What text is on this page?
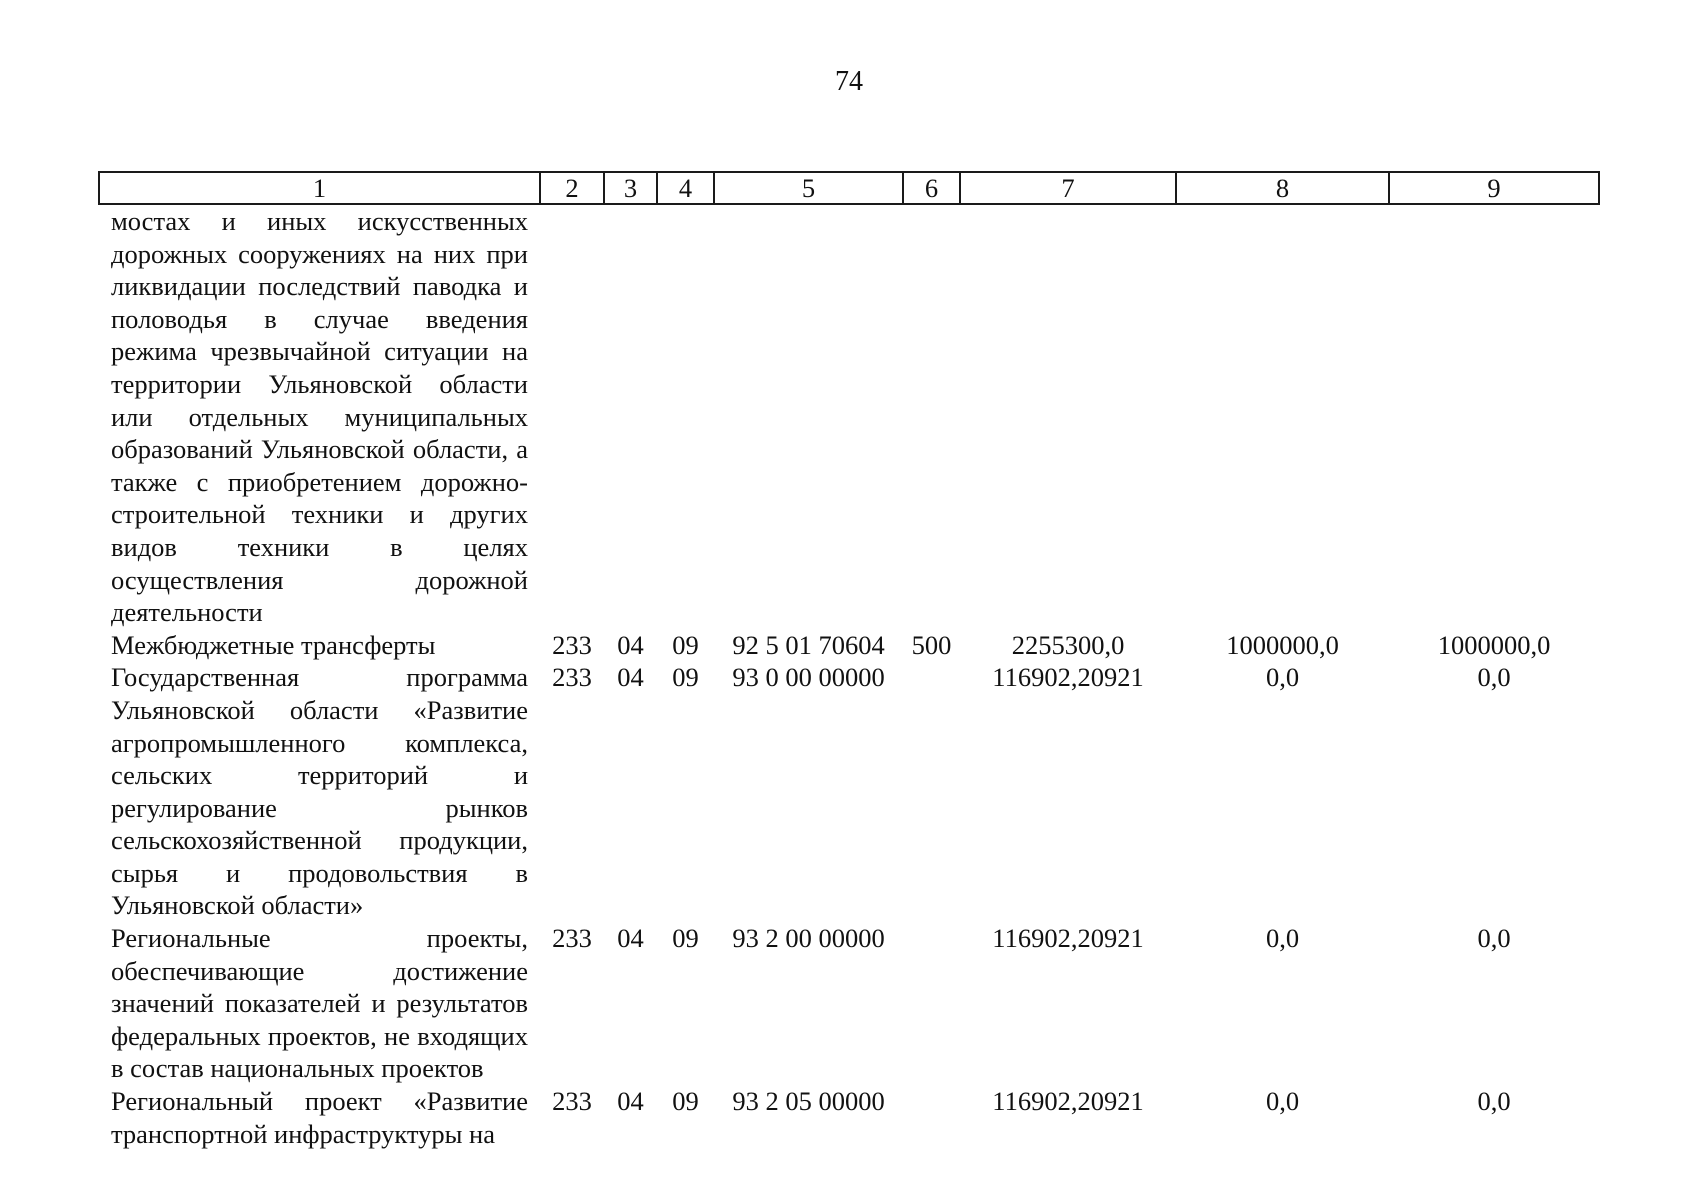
74
1	2	3	4	5	6	7	8	9
мостах и иных искусственных дорожных сооружениях на них при ликвидации последствий паводка и половодья в случае введения режима чрезвычайной ситуации на территории Ульяновской области или отдельных муниципальных образований Ульяновской области, а также с приобретением дорожно-строительной техники и других видов техники в целях осуществления дорожной деятельности								
Межбюджетные трансферты	233	04	09	92 5 01 70604	500	2255300,0	1000000,0	1000000,0
Государственная программа Ульяновской области «Развитие агропромышленного комплекса, сельских территорий и регулирование рынков сельскохозяйственной продукции, сырья и продовольствия в Ульяновской области»	233	04	09	93 0 00 00000		116902,20921	0,0	0,0
Региональные проекты, обеспечивающие достижение значений показателей и результатов федеральных проектов, не входящих в состав национальных проектов	233	04	09	93 2 00 00000		116902,20921	0,0	0,0
Региональный проект «Развитие транспортной инфраструктуры на	233	04	09	93 2 05 00000		116902,20921	0,0	0,0
